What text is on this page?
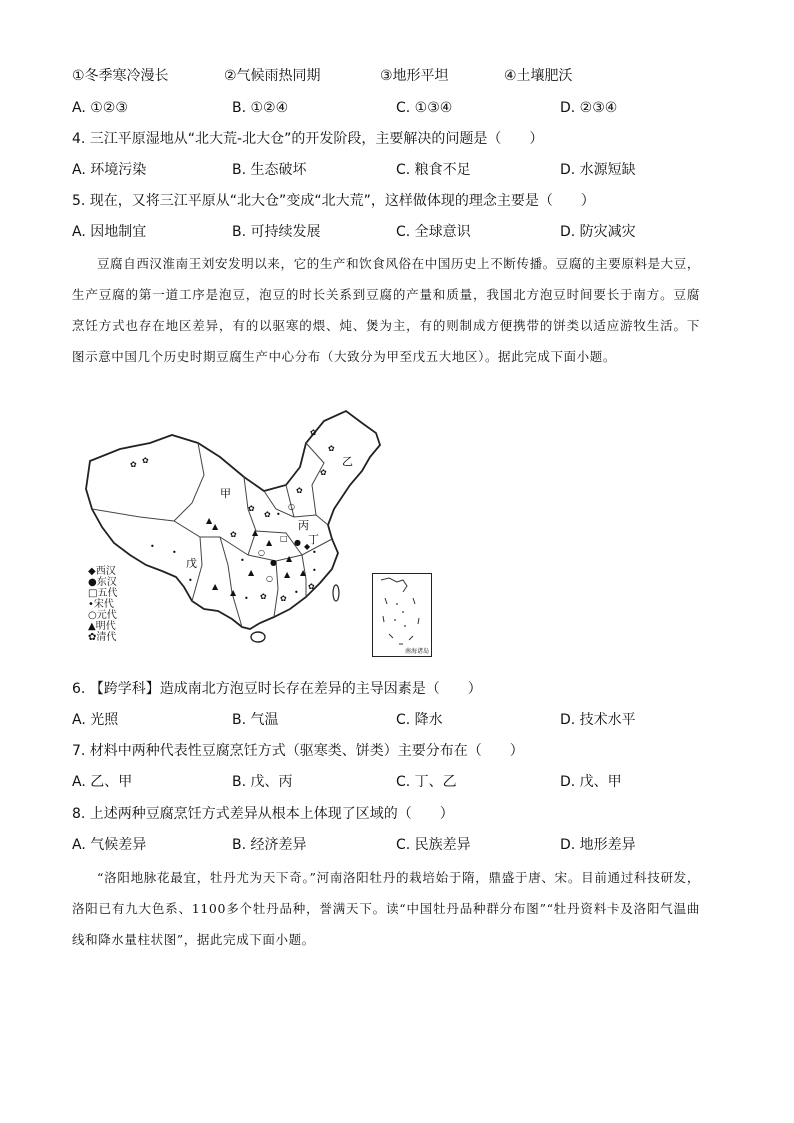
①冬季寒冷漫长	②气候雨热同期	③地形平坦	④土壤肥沃
A. ①②③	B. ①②④	C. ①③④	D. ②③④
4. 三江平原湿地从“北大荒-北大仓”的开发阶段，主要解决的问题是（　　）
A. 环境污染	B. 生态破坏	C. 粮食不足	D. 水源短缺
5. 现在，又将三江平原从“北大仓”变成“北大荒”，这样做体现的理念主要是（　　）
A. 因地制宜	B. 可持续发展	C. 全球意识	D. 防灾减灾
豆腐自西汉淮南王刘安发明以来，它的生产和饮食风俗在中国历史上不断传播。豆腐的主要原料是大豆，生产豆腐的第一道工序是泡豆，泡豆的时长关系到豆腐的产量和质量，我国北方泡豆时间要长于南方。豆腐烹饪方式也存在地区差异，有的以驱寒的煨、炖、煲为主，有的则制成方便携带的饼类以适应游牧生活。下图示意中国几个历史时期豆腐生产中心分布（大致分为甲至戊五大地区）。据此完成下面小题。
甲
乙
丙
丁
戊
✿ ✿
✿
✿
✿
✿
✿
✿
○
•
▲
▲
✿ ▲
▲ □ ● ◆
•
○
● ▲
•
▲
○ ▲ ▲ •
•
▲
▲
• ✿ ✿
•
✿
•
•
◆西汉
●东汉
□五代
•宋代
○元代
▲明代
✿清代
南海诸岛
6. 【跨学科】造成南北方泡豆时长存在差异的主导因素是（　　）
A. 光照	B. 气温	C. 降水	D. 技术水平
7. 材料中两种代表性豆腐烹饪方式（驱寒类、饼类）主要分布在（　　）
A. 乙、甲	B. 戊、丙	C. 丁、乙	D. 戊、甲
8. 上述两种豆腐烹饪方式差异从根本上体现了区域的（　　）
A. 气候差异	B. 经济差异	C. 民族差异	D. 地形差异
“洛阳地脉花最宜，牡丹尤为天下奇。”河南洛阳牡丹的栽培始于隋，鼎盛于唐、宋。目前通过科技研发，洛阳已有九大色系、1100多个牡丹品种，誉满天下。读“中国牡丹品种群分布图”“牡丹资料卡及洛阳气温曲线和降水量柱状图”，据此完成下面小题。
